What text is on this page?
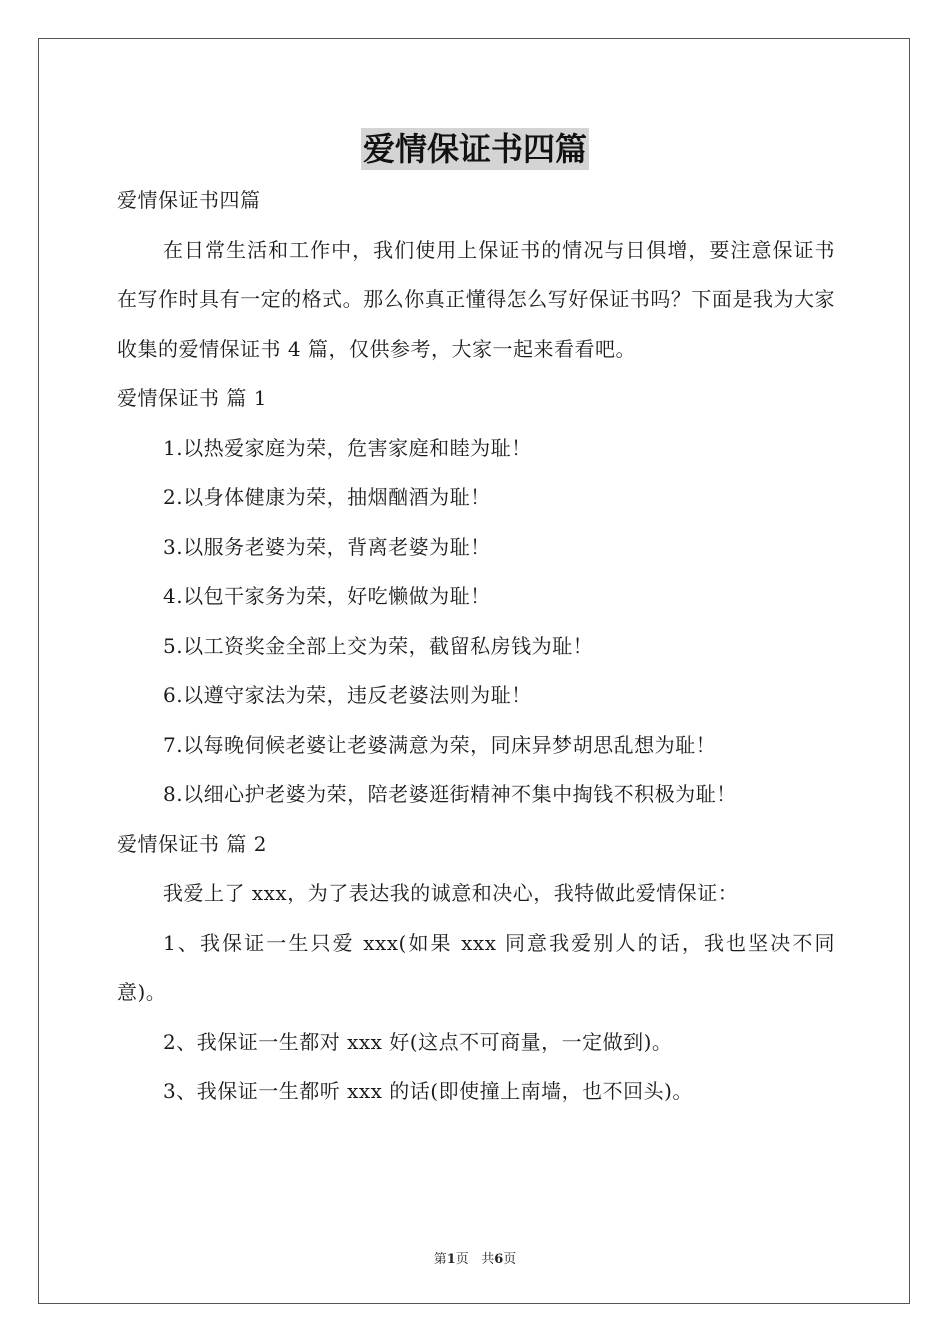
爱情保证书四篇

爱情保证书四篇

在日常生活和工作中，我们使用上保证书的情况与日俱增，要注意保证书在写作时具有一定的格式。那么你真正懂得怎么写好保证书吗？下面是我为大家收集的爱情保证书 4 篇，仅供参考，大家一起来看看吧。

爱情保证书 篇 1

1.以热爱家庭为荣，危害家庭和睦为耻！

2.以身体健康为荣，抽烟酗酒为耻！

3.以服务老婆为荣，背离老婆为耻！

4.以包干家务为荣，好吃懒做为耻！

5.以工资奖金全部上交为荣，截留私房钱为耻！

6.以遵守家法为荣，违反老婆法则为耻！

7.以每晚伺候老婆让老婆满意为荣，同床异梦胡思乱想为耻！

8.以细心护老婆为荣，陪老婆逛街精神不集中掏钱不积极为耻！

爱情保证书 篇 2

我爱上了 xxx，为了表达我的诚意和决心，我特做此爱情保证：

1、我保证一生只爱 xxx(如果 xxx 同意我爱别人的话，我也坚决不同意)。

2、我保证一生都对 xxx 好(这点不可商量，一定做到)。

3、我保证一生都听 xxx 的话(即使撞上南墙，也不回头)。

第1页 共6页
